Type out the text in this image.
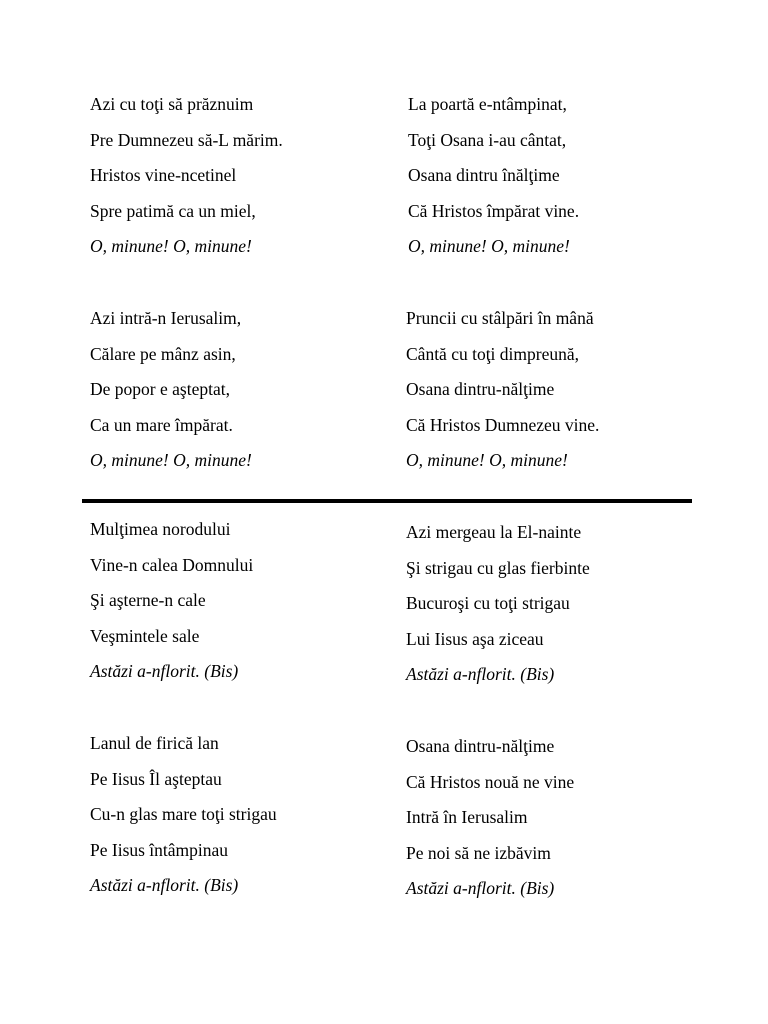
Azi cu toţi să prăznuim
Pre Dumnezeu să-L mărim.
Hristos vine-ncetinel
Spre patimă ca un miel,
O, minune! O, minune!
La poartă e-ntâmpinat,
Toţi Osana i-au cântat,
Osana dintru înălţime
Că Hristos împărat vine.
O, minune! O, minune!
Azi intră-n Ierusalim,
Călare pe mânz asin,
De popor e aşteptat,
Ca un mare împărat.
O, minune! O, minune!
Pruncii cu stâlpări în mână
Cântă cu toţi dimpreună,
Osana dintru-nălţime
Că Hristos Dumnezeu vine.
O, minune! O, minune!
Mulţimea norodului
Vine-n calea Domnului
Şi aşterne-n cale
Veşmintele sale
Astăzi a-nflorit. (Bis)
Azi mergeau la El-nainte
Şi strigau cu glas fierbinte
Bucuroşi cu toţi strigau
Lui Iisus aşa ziceau
Astăzi a-nflorit. (Bis)
Lanul de firică lan
Pe Iisus Îl aşteptau
Cu-n glas mare toţi strigau
Pe Iisus întâmpinau
Astăzi a-nflorit. (Bis)
Osana dintru-nălţime
Că Hristos nouă ne vine
Intră în Ierusalim
Pe noi să ne izbăvim
Astăzi a-nflorit. (Bis)
